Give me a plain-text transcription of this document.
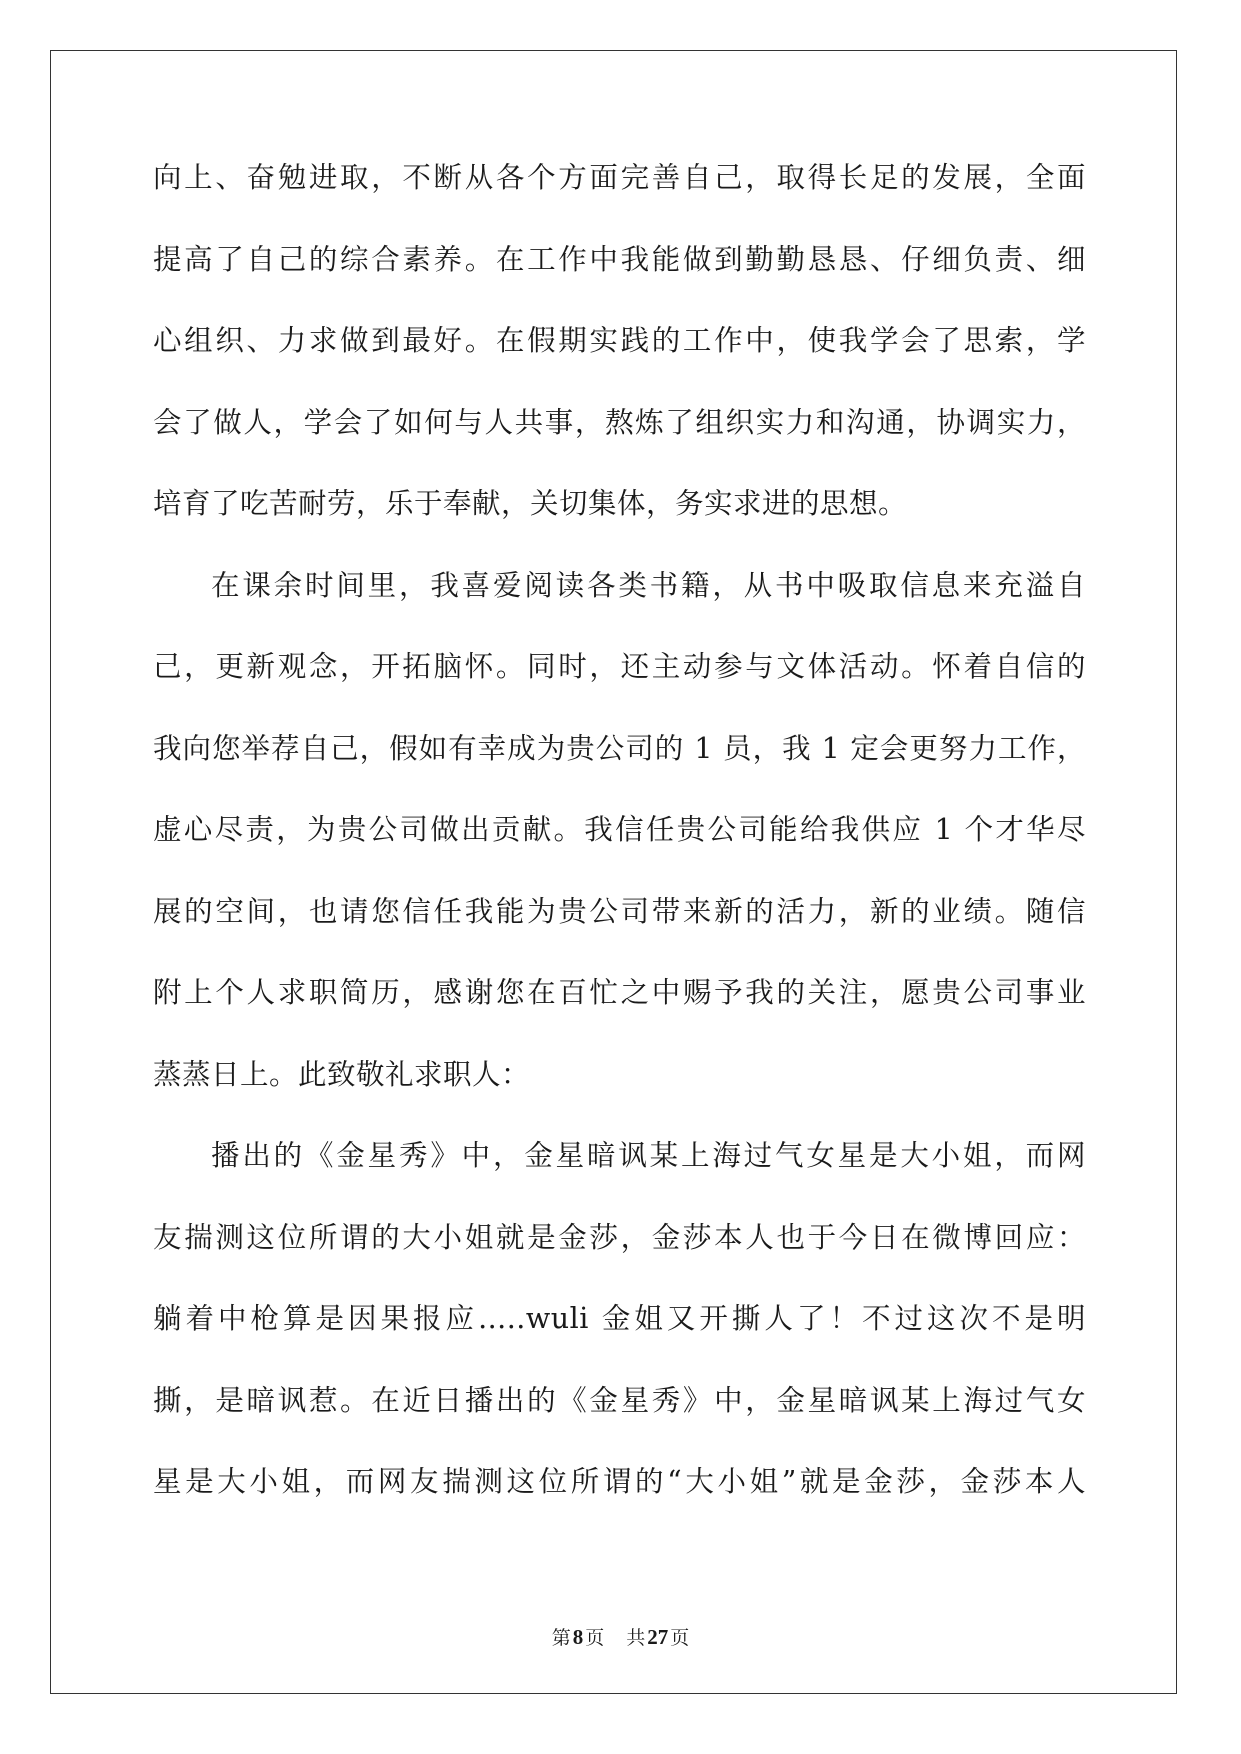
向上、奋勉进取，不断从各个方面完善自己，取得长足的发展，全面
提高了自己的综合素养。在工作中我能做到勤勤恳恳、仔细负责、细
心组织、力求做到最好。在假期实践的工作中，使我学会了思索，学
会了做人，学会了如何与人共事，熬炼了组织实力和沟通，协调实力，
培育了吃苦耐劳，乐于奉献，关切集体，务实求进的思想。
在课余时间里，我喜爱阅读各类书籍，从书中吸取信息来充溢自
己，更新观念，开拓脑怀。同时，还主动参与文体活动。怀着自信的
我向您举荐自己，假如有幸成为贵公司的 1 员，我 1 定会更努力工作，
虚心尽责，为贵公司做出贡献。我信任贵公司能给我供应 1 个才华尽
展的空间，也请您信任我能为贵公司带来新的活力，新的业绩。随信
附上个人求职简历，感谢您在百忙之中赐予我的关注，愿贵公司事业
蒸蒸日上。此致敬礼求职人：
播出的《金星秀》中，金星暗讽某上海过气女星是大小姐，而网
友揣测这位所谓的大小姐就是金莎，金莎本人也于今日在微博回应：
躺着中枪算是因果报应.....wuli 金姐又开撕人了！不过这次不是明
撕，是暗讽惹。在近日播出的《金星秀》中，金星暗讽某上海过气女
星是大小姐，而网友揣测这位所谓的“大小姐”就是金莎，金莎本人
第8 页 共27 页
